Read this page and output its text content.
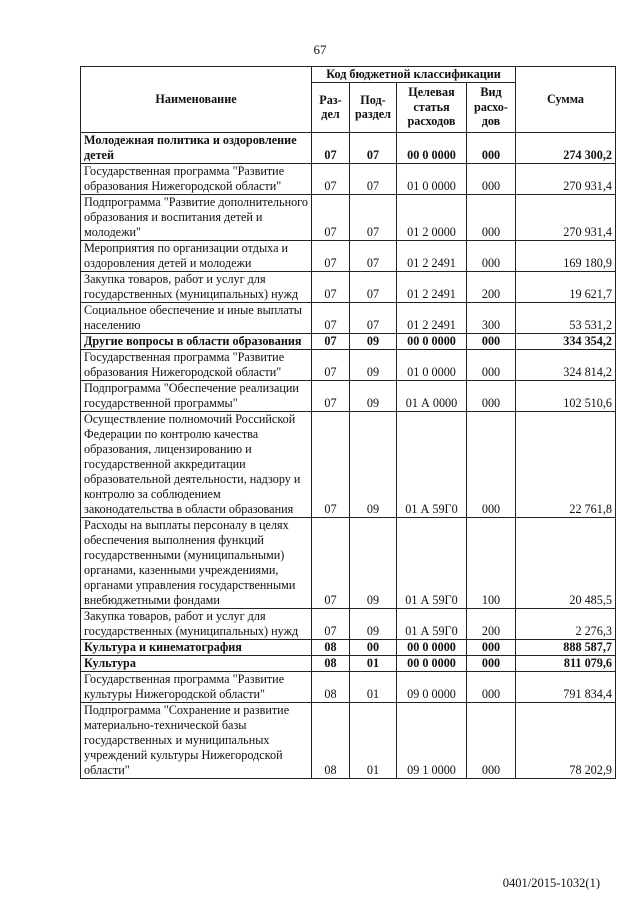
67
Наименование	Код бюджетной классификации				Сумма
	Раз-дел	Под-раздел	Целевая статья расходов	Вид расхо-дов	
Молодежная политика и оздоровление детей	07	07	00 0 0000	000	274 300,2
Государственная программа "Развитие образования Нижегородской области"	07	07	01 0 0000	000	270 931,4
Подпрограмма "Развитие дополнительного образования и воспитания детей и молодежи"	07	07	01 2 0000	000	270 931,4
Мероприятия по организации отдыха и оздоровления детей и молодежи	07	07	01 2 2491	000	169 180,9
Закупка товаров, работ и услуг для государственных (муниципальных) нужд	07	07	01 2 2491	200	19 621,7
Социальное обеспечение и иные выплаты населению	07	07	01 2 2491	300	53 531,2
Другие вопросы в области образования	07	09	00 0 0000	000	334 354,2
Государственная программа "Развитие образования Нижегородской области"	07	09	01 0 0000	000	324 814,2
Подпрограмма "Обеспечение реализации государственной программы"	07	09	01 А 0000	000	102 510,6
Осуществление полномочий Российской Федерации по контролю качества образования, лицензированию и государственной аккредитации образовательной деятельности, надзору и контролю за соблюдением законодательства в области образования	07	09	01 А 59Г0	000	22 761,8
Расходы на выплаты персоналу в целях обеспечения выполнения функций государственными (муниципальными) органами, казенными учреждениями, органами управления государственными внебюджетными фондами	07	09	01 А 59Г0	100	20 485,5
Закупка товаров, работ и услуг для государственных (муниципальных) нужд	07	09	01 А 59Г0	200	2 276,3
Культура и кинематография	08	00	00 0 0000	000	888 587,7
Культура	08	01	00 0 0000	000	811 079,6
Государственная программа "Развитие культуры Нижегородской области"	08	01	09 0 0000	000	791 834,4
Подпрограмма "Сохранение и развитие материально-технической базы государственных и муниципальных учреждений культуры Нижегородской области"	08	01	09 1 0000	000	78 202,9
0401/2015-1032(1)
